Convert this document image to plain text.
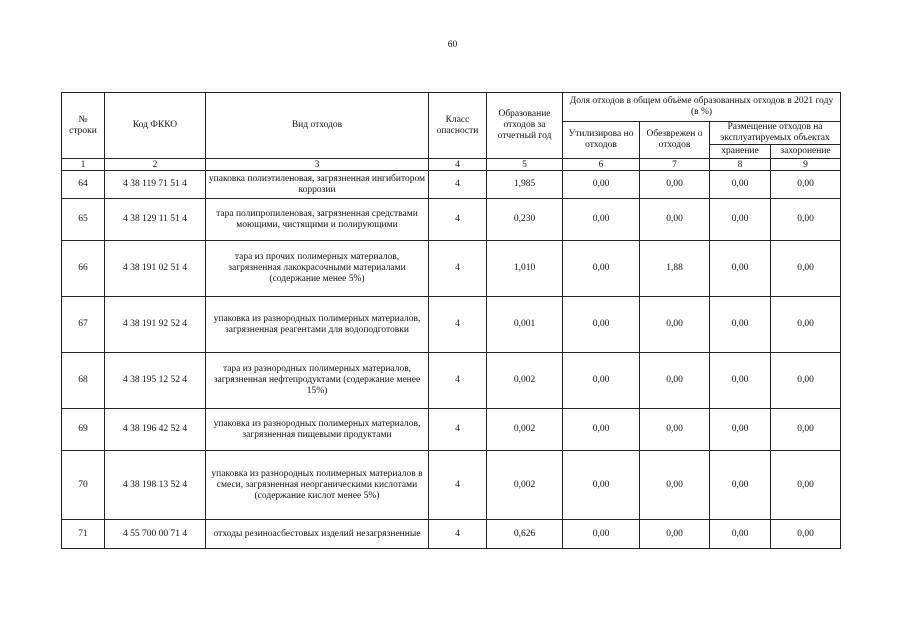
60
№ строки	Код ФККО	Вид отходов	Класс опасности	Образование отходов за отчетный год	Доля отходов в общем объёме образованных отходов в 2021 году (в %)			
					Утилизирова но отходов	Обезврежен о отходов	Размещение отходов на эксплуатируемых объектах	
							хранение	захоронение
1	2	3	4	5	6	7	8	9
64	4 38 119 71 51 4	упаковка полиэтиленовая, загрязненная ингибитором коррозии	4	1,985	0,00	0,00	0,00	0,00
65	4 38 129 11 51 4	тара полипропиленовая, загрязненная средствами моющими, чистящими и полирующими	4	0,230	0,00	0,00	0,00	0,00
66	4 38 191 02 51 4	тара из прочих полимерных материалов, загрязненная лакокрасочными материалами (содержание менее 5%)	4	1,010	0,00	1,88	0,00	0,00
67	4 38 191 92 52 4	упаковка из разнородных полимерных материалов, загрязненная реагентами для водоподготовки	4	0,001	0,00	0,00	0,00	0,00
68	4 38 195 12 52 4	тара из разнородных полимерных материалов, загрязненная нефтепродуктами (содержание менее 15%)	4	0,002	0,00	0,00	0,00	0,00
69	4 38 196 42 52 4	упаковка из разнородных полимерных материалов, загрязненная пищевыми продуктами	4	0,002	0,00	0,00	0,00	0,00
70	4 38 198 13 52 4	упаковка из разнородных полимерных материалов в смеси, загрязненная неорганическими кислотами (содержание кислот менее 5%)	4	0,002	0,00	0,00	0,00	0,00
71	4 55 700 00 71 4	отходы резиноасбестовых изделий незагрязненные	4	0,626	0,00	0,00	0,00	0,00
